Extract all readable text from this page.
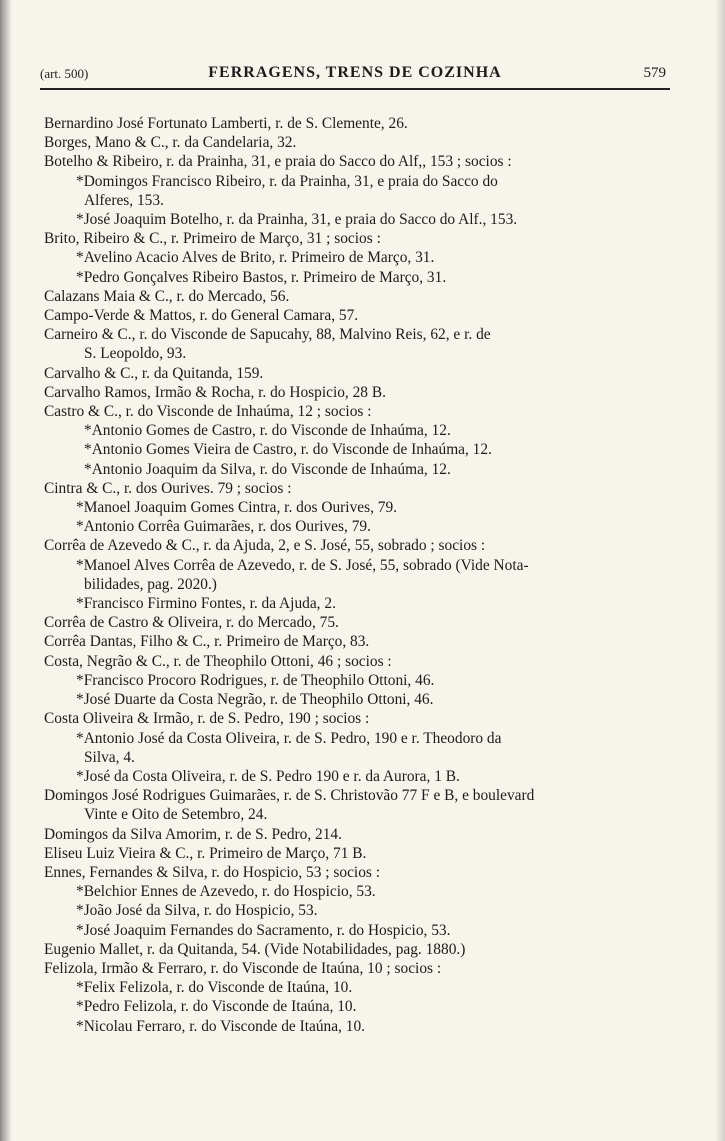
(art. 500)	FERRAGENS, TRENS DE COZINHA	579
Bernardino José Fortunato Lamberti, r. de S. Clemente, 26.
Borges, Mano & C., r. da Candelaria, 32.
Botelho & Ribeiro, r. da Prainha, 31, e praia do Sacco do Alf,, 153 ; socios :
*Domingos Francisco Ribeiro, r. da Prainha, 31, e praia do Sacco do
Alferes, 153.
*José Joaquim Botelho, r. da Prainha, 31, e praia do Sacco do Alf., 153.
Brito, Ribeiro & C., r. Primeiro de Março, 31 ; socios :
*Avelino Acacio Alves de Brito, r. Primeiro de Março, 31.
*Pedro Gonçalves Ribeiro Bastos, r. Primeiro de Março, 31.
Calazans Maia & C., r. do Mercado, 56.
Campo-Verde & Mattos, r. do General Camara, 57.
Carneiro & C., r. do Visconde de Sapucahy, 88, Malvino Reis, 62, e r. de
S. Leopoldo, 93.
Carvalho & C., r. da Quitanda, 159.
Carvalho Ramos, Irmão & Rocha, r. do Hospicio, 28 B.
Castro & C., r. do Visconde de Inhaúma, 12 ; socios :
*Antonio Gomes de Castro, r. do Visconde de Inhaúma, 12.
*Antonio Gomes Vieira de Castro, r. do Visconde de Inhaúma, 12.
*Antonio Joaquim da Silva, r. do Visconde de Inhaúma, 12.
Cintra & C., r. dos Ourives. 79 ; socios :
*Manoel Joaquim Gomes Cintra, r. dos Ourives, 79.
*Antonio Corrêa Guimarães, r. dos Ourives, 79.
Corrêa de Azevedo & C., r. da Ajuda, 2, e S. José, 55, sobrado ; socios :
*Manoel Alves Corrêa de Azevedo, r. de S. José, 55, sobrado (Vide Nota-
bilidades, pag. 2020.)
*Francisco Firmino Fontes, r. da Ajuda, 2.
Corrêa de Castro & Oliveira, r. do Mercado, 75.
Corrêa Dantas, Filho & C., r. Primeiro de Março, 83.
Costa, Negrão & C., r. de Theophilo Ottoni, 46 ; socios :
*Francisco Procoro Rodrigues, r. de Theophilo Ottoni, 46.
*José Duarte da Costa Negrão, r. de Theophilo Ottoni, 46.
Costa Oliveira & Irmão, r. de S. Pedro, 190 ; socios :
*Antonio José da Costa Oliveira, r. de S. Pedro, 190 e r. Theodoro da
Silva, 4.
*José da Costa Oliveira, r. de S. Pedro 190 e r. da Aurora, 1 B.
Domingos José Rodrigues Guimarães, r. de S. Christovão 77 F e B, e boulevard
Vinte e Oito de Setembro, 24.
Domingos da Silva Amorim, r. de S. Pedro, 214.
Eliseu Luiz Vieira & C., r. Primeiro de Março, 71 B.
Ennes, Fernandes & Silva, r. do Hospicio, 53 ; socios :
*Belchior Ennes de Azevedo, r. do Hospicio, 53.
*João José da Silva, r. do Hospicio, 53.
*José Joaquim Fernandes do Sacramento, r. do Hospicio, 53.
Eugenio Mallet, r. da Quitanda, 54. (Vide Notabilidades, pag. 1880.)
Felizola, Irmão & Ferraro, r. do Visconde de Itaúna, 10 ; socios :
*Felix Felizola, r. do Visconde de Itaúna, 10.
*Pedro Felizola, r. do Visconde de Itaúna, 10.
*Nicolau Ferraro, r. do Visconde de Itaúna, 10.
